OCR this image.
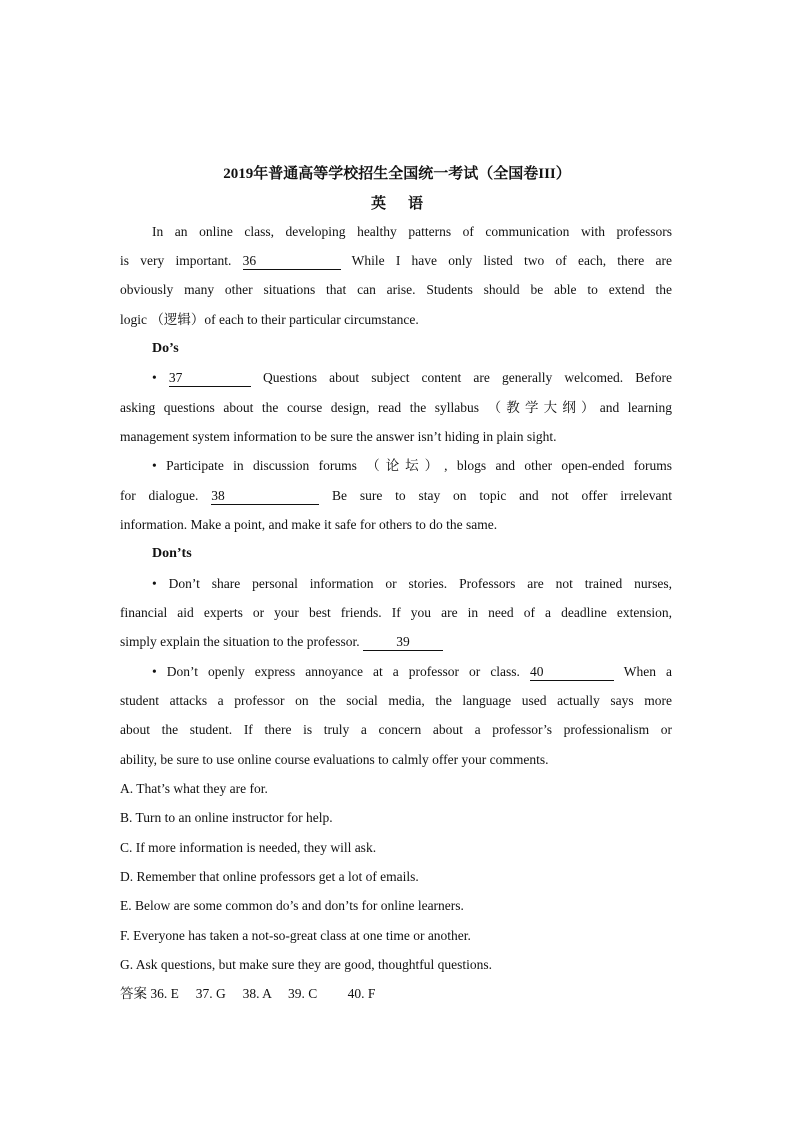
2019年普通高等学校招生全国统一考试（全国卷III）
英语
In an online class, developing healthy patterns of communication with professors
is very important. 36	While I have only listed two of each, there are
obviously many other situations that can arise. Students should be able to extend the
logic （逻辑）of each to their particular circumstance.
Do’s
• 37	Questions about subject content are generally welcomed. Before
asking questions about the course design, read the syllabus （教学大纲）and learning
management system information to be sure the answer isn’t hiding in plain sight.
• Participate in discussion forums （论坛）, blogs and other open-ended forums
for dialogue. 38	Be sure to stay on topic and not offer irrelevant
information. Make a point, and make it safe for others to do the same.
Don’ts
• Don’t share personal information or stories. Professors are not trained nurses,
financial aid experts or your best friends. If you are in need of a deadline extension,
simply explain the situation to the professor.	39
• Don’t openly express annoyance at a professor or class. 40	When a
student attacks a professor on the social media, the language used actually says more
about the student. If there is truly a concern about a professor’s professionalism or
ability, be sure to use online course evaluations to calmly offer your comments.
A. That’s what they are for.
B. Turn to an online instructor for help.
C. If more information is needed, they will ask.
D. Remember that online professors get a lot of emails.
E. Below are some common do’s and don’ts for online learners.
F. Everyone has taken a not-so-great class at one time or another.
G. Ask questions, but make sure they are good, thoughtful questions.
答案 36. E　 37. G　 38. A　 39. C　　 40. F
